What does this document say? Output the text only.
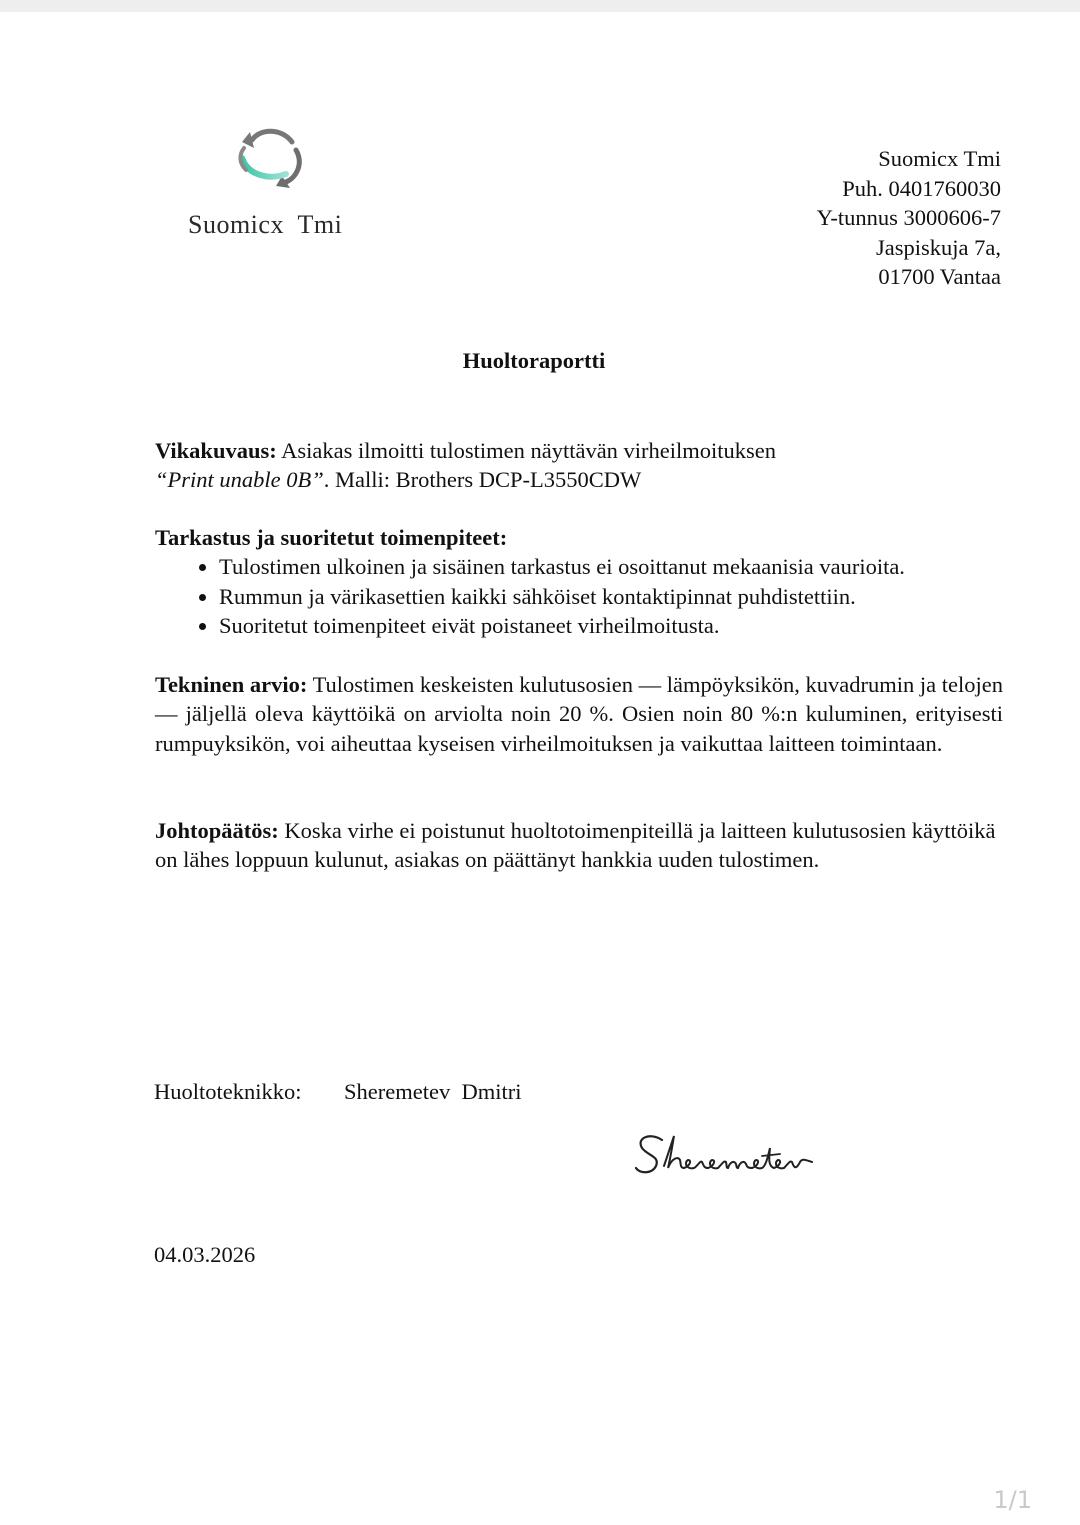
Suomicx  Tmi
Suomicx Tmi
Puh. 0401760030
Y-tunnus 3000606-7
Jaspiskuja 7a,
01700 Vantaa
Huoltoraportti
Vikakuvaus: Asiakas ilmoitti tulostimen näyttävän virheilmoituksen
“Print unable 0B”. Malli: Brothers DCP-L3550CDW
Tarkastus ja suoritetut toimenpiteet:
• Tulostimen ulkoinen ja sisäinen tarkastus ei osoittanut mekaanisia vaurioita.
• Rummun ja värikasettien kaikki sähköiset kontaktipinnat puhdistettiin.
• Suoritetut toimenpiteet eivät poistaneet virheilmoitusta.
Tekninen arvio: Tulostimen keskeisten kulutusosien — lämpöyksikön, kuvadrumin ja telojen — jäljellä oleva käyttöikä on arviolta noin 20 %. Osien noin 80 %:n kuluminen, erityisesti rumpuyksikön, voi aiheuttaa kyseisen virheilmoituksen ja vaikuttaa laitteen toimintaan.
Johtopäätös: Koska virhe ei poistunut huoltotoimenpiteillä ja laitteen kulutusosien käyttöikä on lähes loppuun kulunut, asiakas on päättänyt hankkia uuden tulostimen.
Huoltoteknikko: Sheremetev  Dmitri
04.03.2026
1/1
